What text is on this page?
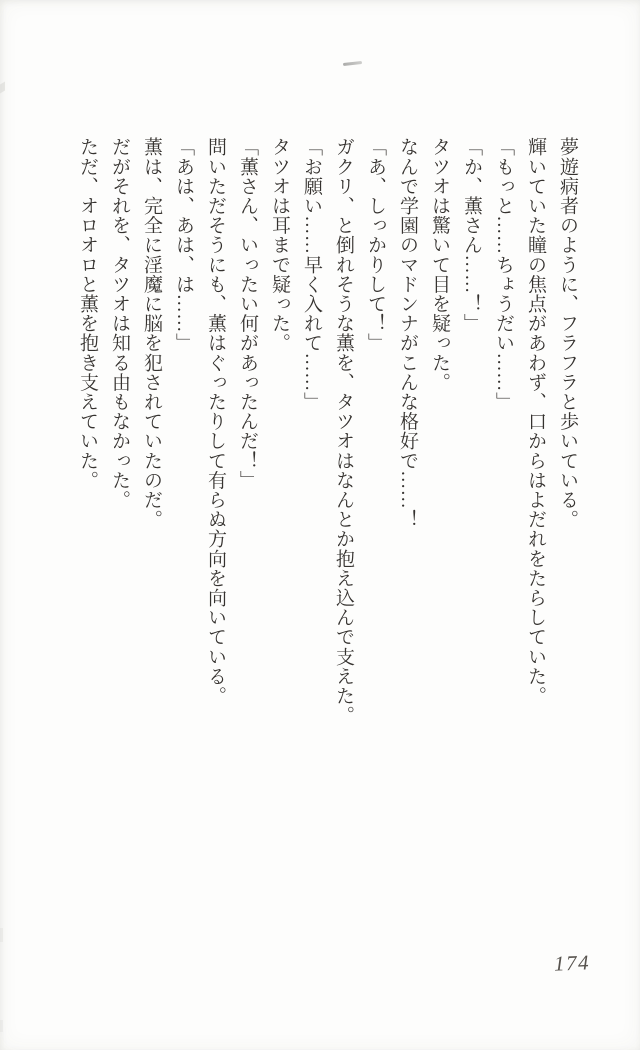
夢遊病者のように、フラフラと歩いている。
輝いていた瞳の焦点があわず、口からはよだれをたらしていた。
「もっと……ちょうだい……」
「か、薫さん……！」
タツオは驚いて目を疑った。
なんで学園のマドンナがこんな格好で……！
「あ、しっかりして！」
ガクリ、と倒れそうな薫を、タツオはなんとか抱え込んで支えた。
「お願い……早く入れて……」
タツオは耳まで疑った。
「薫さん、いったい何があったんだ！」
問いただそうにも、薫はぐったりして有らぬ方向を向いている。
「あは、あは、は……」
薫は、完全に淫魔に脳を犯されていたのだ。
だがそれを、タツオは知る由もなかった。
ただ、オロオロと薫を抱き支えていた。
174
